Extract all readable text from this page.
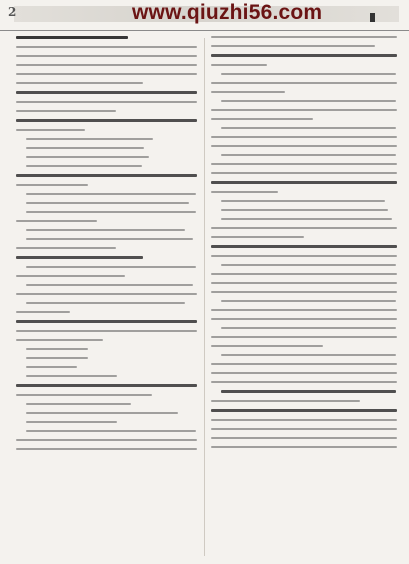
2	www.qiuzhi56.com
